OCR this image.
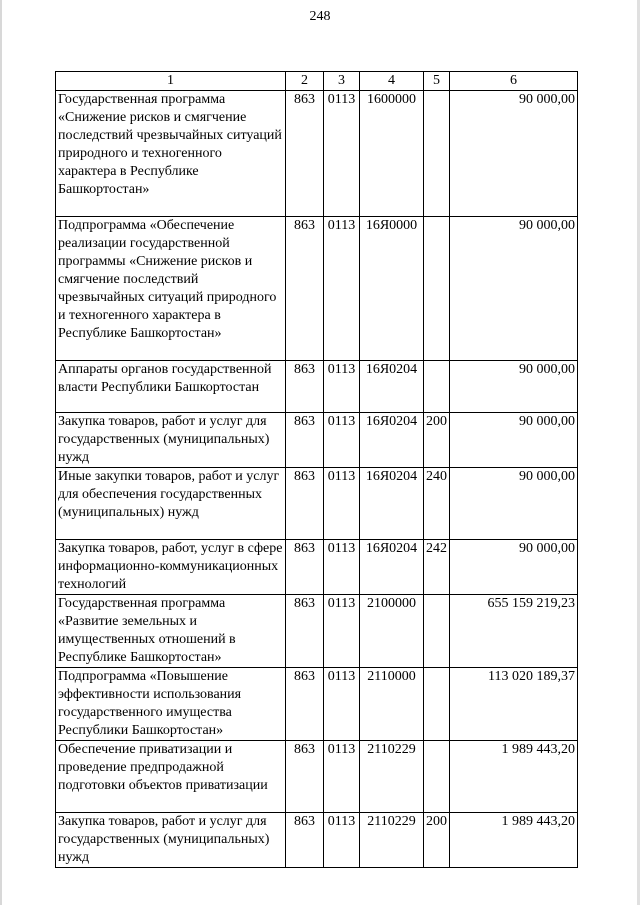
248
1	2	3	4	5	6
Государственная программа «Снижение рисков и смягчение последствий чрезвычайных ситуаций природного и техногенного характера в Республике Башкортостан»	863	0113	1600000		90 000,00
Подпрограмма «Обеспечение реализации государственной программы «Снижение рисков и смягчение последствий чрезвычайных ситуаций природного и техногенного характера в Республике Башкортостан»	863	0113	16Я0000		90 000,00
Аппараты органов государственной власти Республики Башкортостан	863	0113	16Я0204		90 000,00
Закупка товаров, работ и услуг для государственных (муниципальных) нужд	863	0113	16Я0204	200	90 000,00
Иные закупки товаров, работ и услуг для обеспечения государственных (муниципальных) нужд	863	0113	16Я0204	240	90 000,00
Закупка товаров, работ, услуг в сфере информационно-коммуникационных технологий	863	0113	16Я0204	242	90 000,00
Государственная программа «Развитие земельных и имущественных отношений в Республике Башкортостан»	863	0113	2100000		655 159 219,23
Подпрограмма «Повышение эффективности использования государственного имущества Республики Башкортостан»	863	0113	2110000		113 020 189,37
Обеспечение приватизации и проведение предпродажной подготовки объектов приватизации	863	0113	2110229		1 989 443,20
Закупка товаров, работ и услуг для государственных (муниципальных) нужд	863	0113	2110229	200	1 989 443,20
